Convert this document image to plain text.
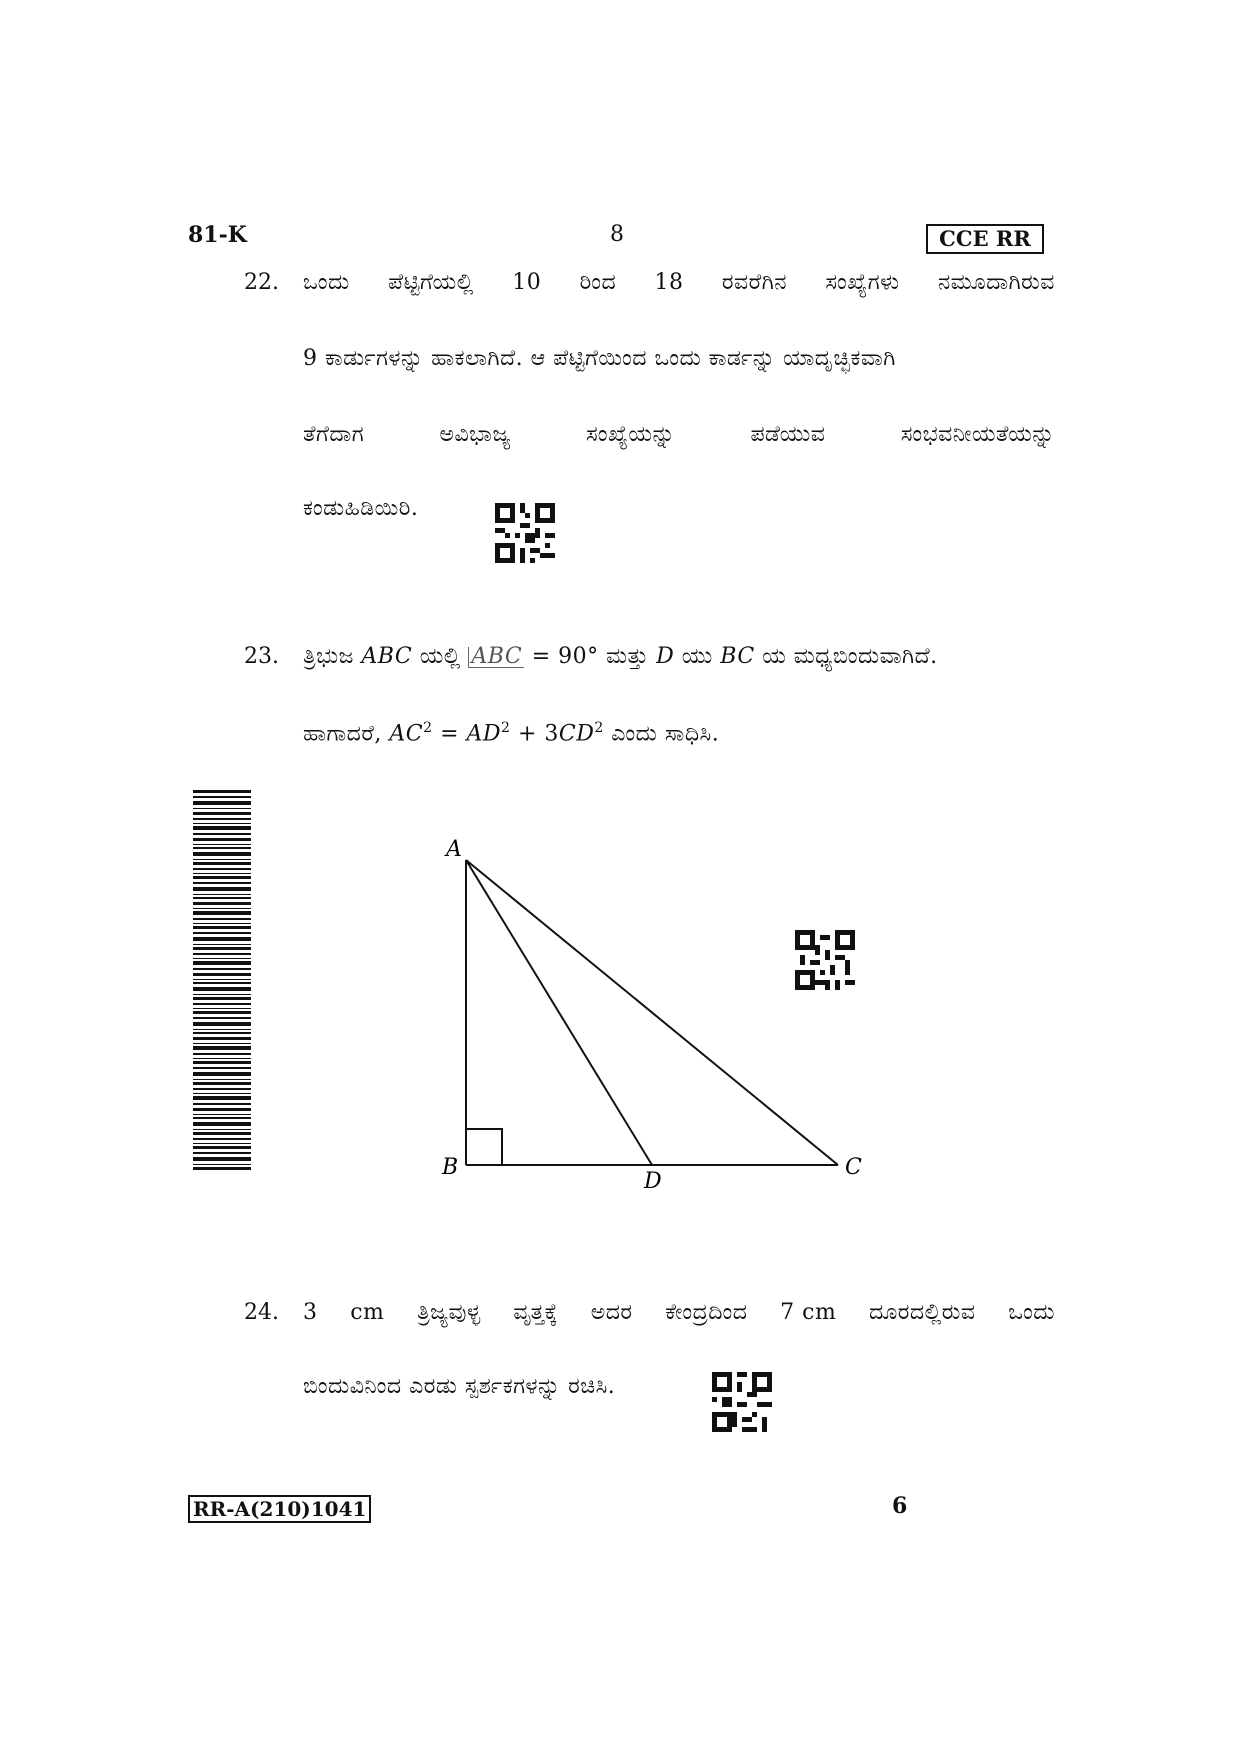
81-K	8	CCE RR
22. ಒಂದು ಪೆಟ್ಟಿಗೆಯಲ್ಲಿ 10 ರಿಂದ 18 ರವರೆಗಿನ ಸಂಖ್ಯೆಗಳು ನಮೂದಾಗಿರುವ
9 ಕಾರ್ಡುಗಳನ್ನು ಹಾಕಲಾಗಿದೆ. ಆ ಪೆಟ್ಟಿಗೆಯಿಂದ ಒಂದು ಕಾರ್ಡನ್ನು ಯಾದೃಚ್ಛಿಕವಾಗಿ
ತೆಗೆದಾಗ	ಅವಿಭಾಜ್ಯ	ಸಂಖ್ಯೆಯನ್ನು	ಪಡೆಯುವ	ಸಂಭವನೀಯತೆಯನ್ನು
ಕಂಡುಹಿಡಿಯಿರಿ.
23. ತ್ರಿಭುಜ ABC ಯಲ್ಲಿ ABC = 90° ಮತ್ತು D ಯು BC ಯ ಮಧ್ಯಬಿಂದುವಾಗಿದೆ.
ಹಾಗಾದರೆ, $AC^2 = AD^2 + 3CD^2$ ಎಂದು ಸಾಧಿಸಿ.
A
B	C
D
24. 3 cm ತ್ರಿಜ್ಯವುಳ್ಳ ವೃತ್ತಕ್ಕೆ ಅದರ ಕೇಂದ್ರದಿಂದ 7 cm ದೂರದಲ್ಲಿರುವ ಒಂದು
ಬಿಂದುವಿನಿಂದ ಎರಡು ಸ್ಪರ್ಶಕಗಳನ್ನು ರಚಿಸಿ.
RR-A(210)1041	6
